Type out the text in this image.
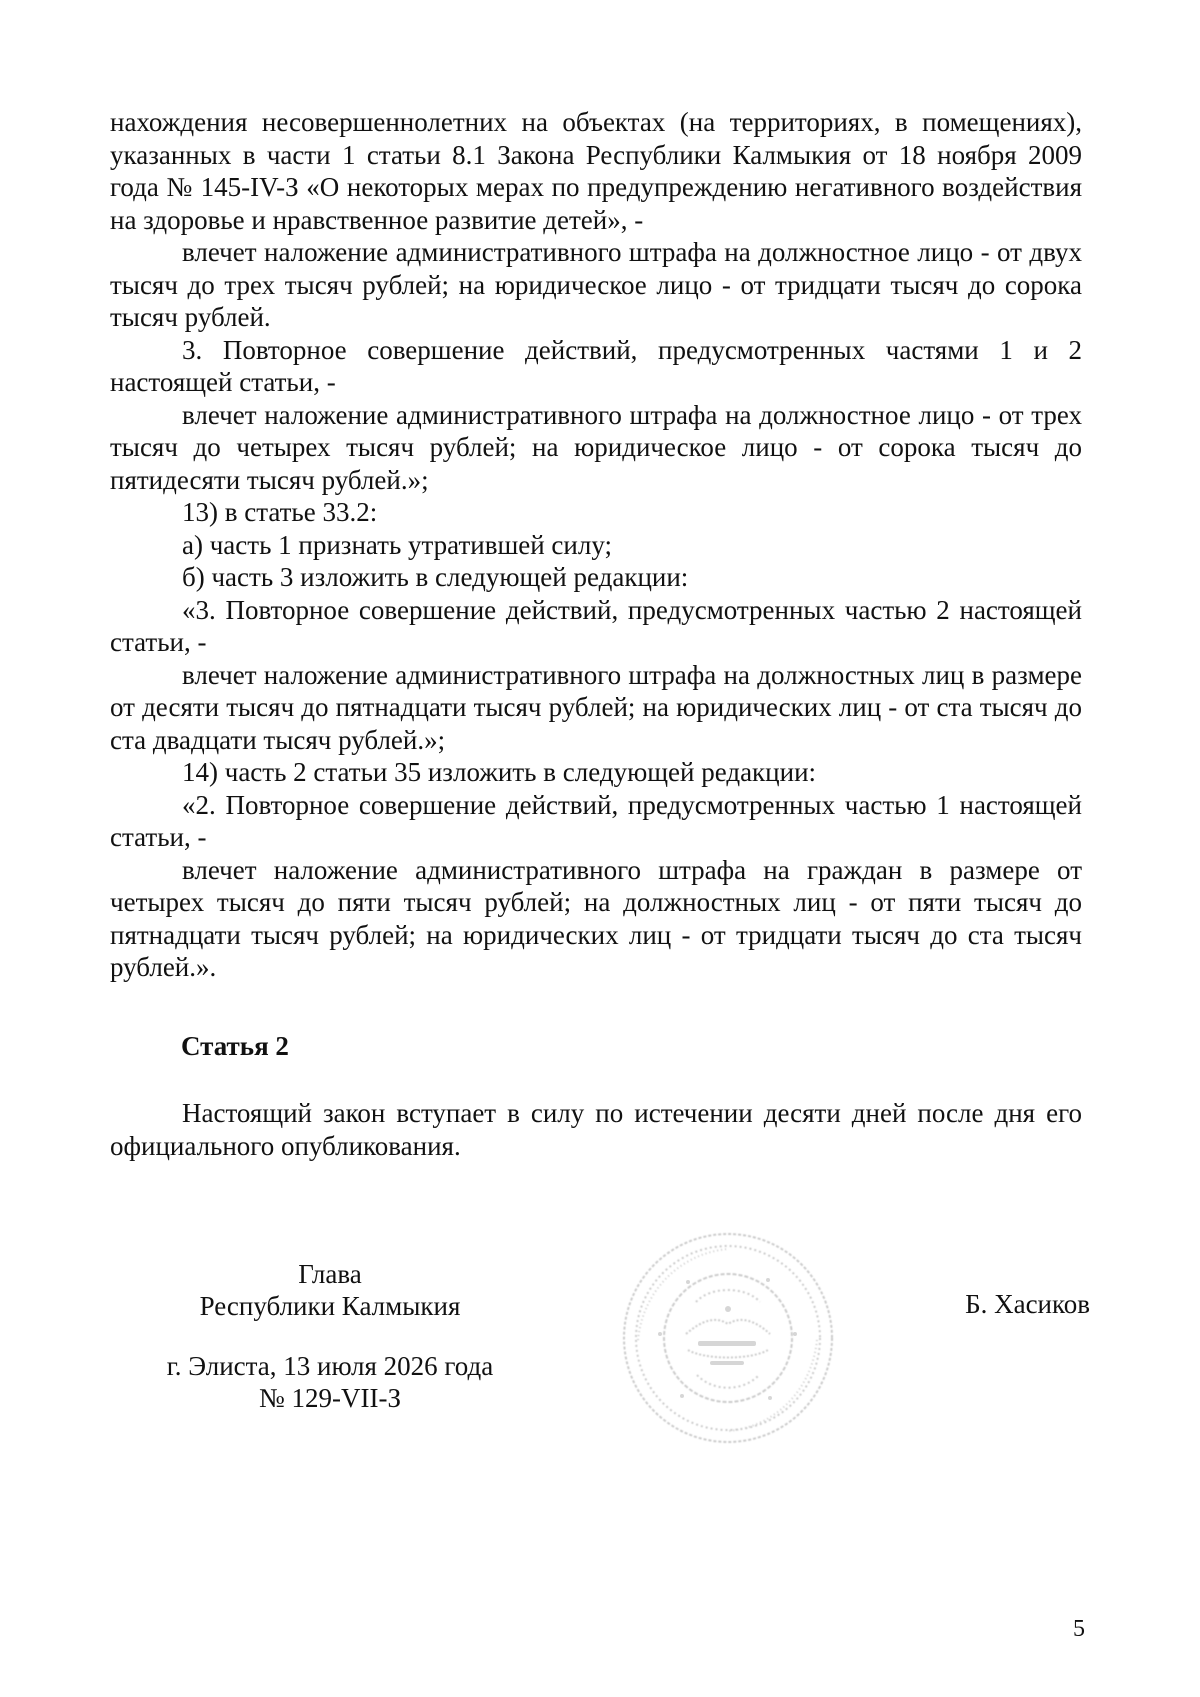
нахождения несовершеннолетних на объектах (на территориях, в помещениях), указанных в части 1 статьи 8.1 Закона Республики Калмыкия от 18 ноября 2009 года № 145-IV-З «О некоторых мерах по предупреждению негативного воздействия на здоровье и нравственное развитие детей», -

влечет наложение административного штрафа на должностное лицо - от двух тысяч до трех тысяч рублей; на юридическое лицо - от тридцати тысяч до сорока тысяч рублей.

3. Повторное совершение действий, предусмотренных частями 1 и 2 настоящей статьи, -

влечет наложение административного штрафа на должностное лицо - от трех тысяч до четырех тысяч рублей; на юридическое лицо - от сорока тысяч до пятидесяти тысяч рублей.»;

13) в статье 33.2:

а) часть 1 признать утратившей силу;

б) часть 3 изложить в следующей редакции:

«3. Повторное совершение действий, предусмотренных частью 2 настоящей статьи, -

влечет наложение административного штрафа на должностных лиц в размере от десяти тысяч до пятнадцати тысяч рублей; на юридических лиц - от ста тысяч до ста двадцати тысяч рублей.»;

14) часть 2 статьи 35 изложить в следующей редакции:

«2. Повторное совершение действий, предусмотренных частью 1 настоящей статьи, -

влечет наложение административного штрафа на граждан в размере от четырех тысяч до пяти тысяч рублей; на должностных лиц - от пяти тысяч до пятнадцати тысяч рублей; на юридических лиц - от тридцати тысяч до ста тысяч рублей.».

Статья 2

Настоящий закон вступает в силу по истечении десяти дней после дня его официального опубликования.

Глава
Республики Калмыкия	Б. Хасиков
г. Элиста, 13 июля 2026 года
№ 129-VII-З
5
